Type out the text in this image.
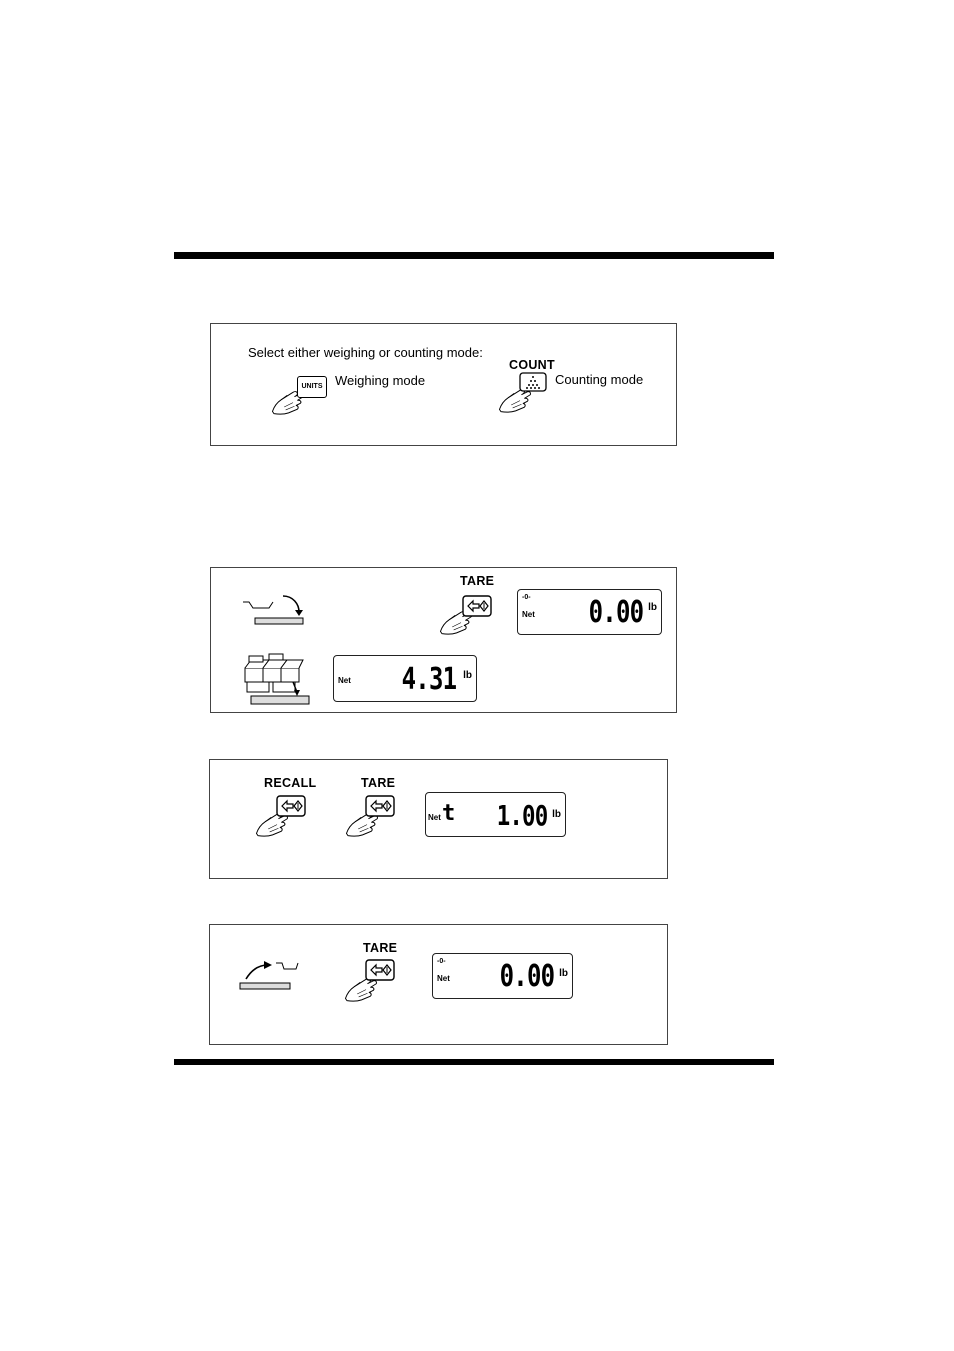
Select either weighing or counting mode:
UNITS Weighing mode
COUNT
Counting mode
TARE
-0-
Net 0.00 lb
Net 4.31 lb
RECALL	TARE
Net t 1.00 lb
TARE
-0-
Net 0.00 lb
